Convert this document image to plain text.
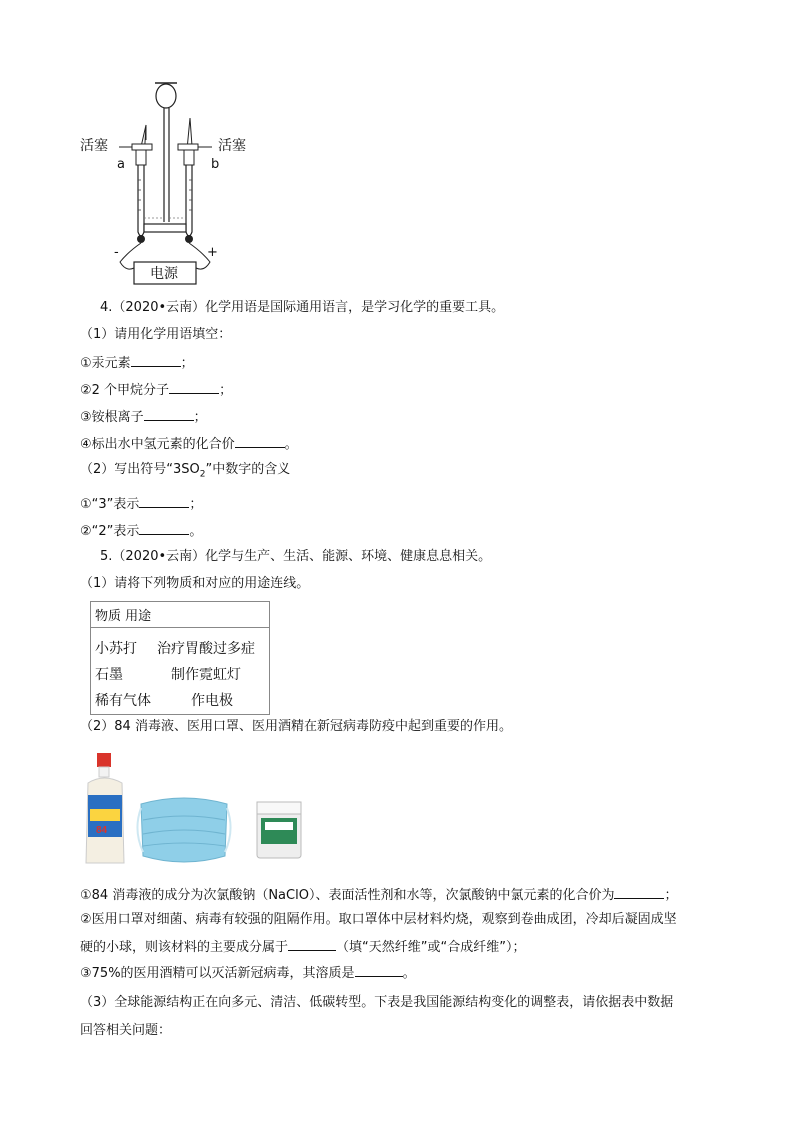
活塞	活塞
a	b
-	+
电源
4.（2020•云南）化学用语是国际通用语言，是学习化学的重要工具。
（1）请用化学用语填空：
①汞元素	；
②2 个甲烷分子	；
③铵根离子	；
④标出水中氢元素的化合价	。
（2）写出符号“$3SO_2$”中数字的含义
①“3”表示	；
②“2”表示	。
5.（2020•云南）化学与生产、生活、能源、环境、健康息息相关。
（1）请将下列物质和对应的用途连线。
物质 用途
小苏打 治疗胃酸过多症
石墨	制作霓虹灯
稀有气体	作电极
（2）84 消毒液、医用口罩、医用酒精在新冠病毒防疫中起到重要的作用。
84
①84 消毒液的成分为次氯酸钠（NaClO）、表面活性剂和水等，次氯酸钠中氯元素的化合价为	；
②医用口罩对细菌、病毒有较强的阻隔作用。取口罩体中层材料灼烧，观察到卷曲成团，冷却后凝固成坚
硬的小球，则该材料的主要成分属于	（填“天然纤维”或“合成纤维”）；
③75%的医用酒精可以灭活新冠病毒，其溶质是	。
（3）全球能源结构正在向多元、清洁、低碳转型。下表是我国能源结构变化的调整表，请依据表中数据
回答相关问题：
